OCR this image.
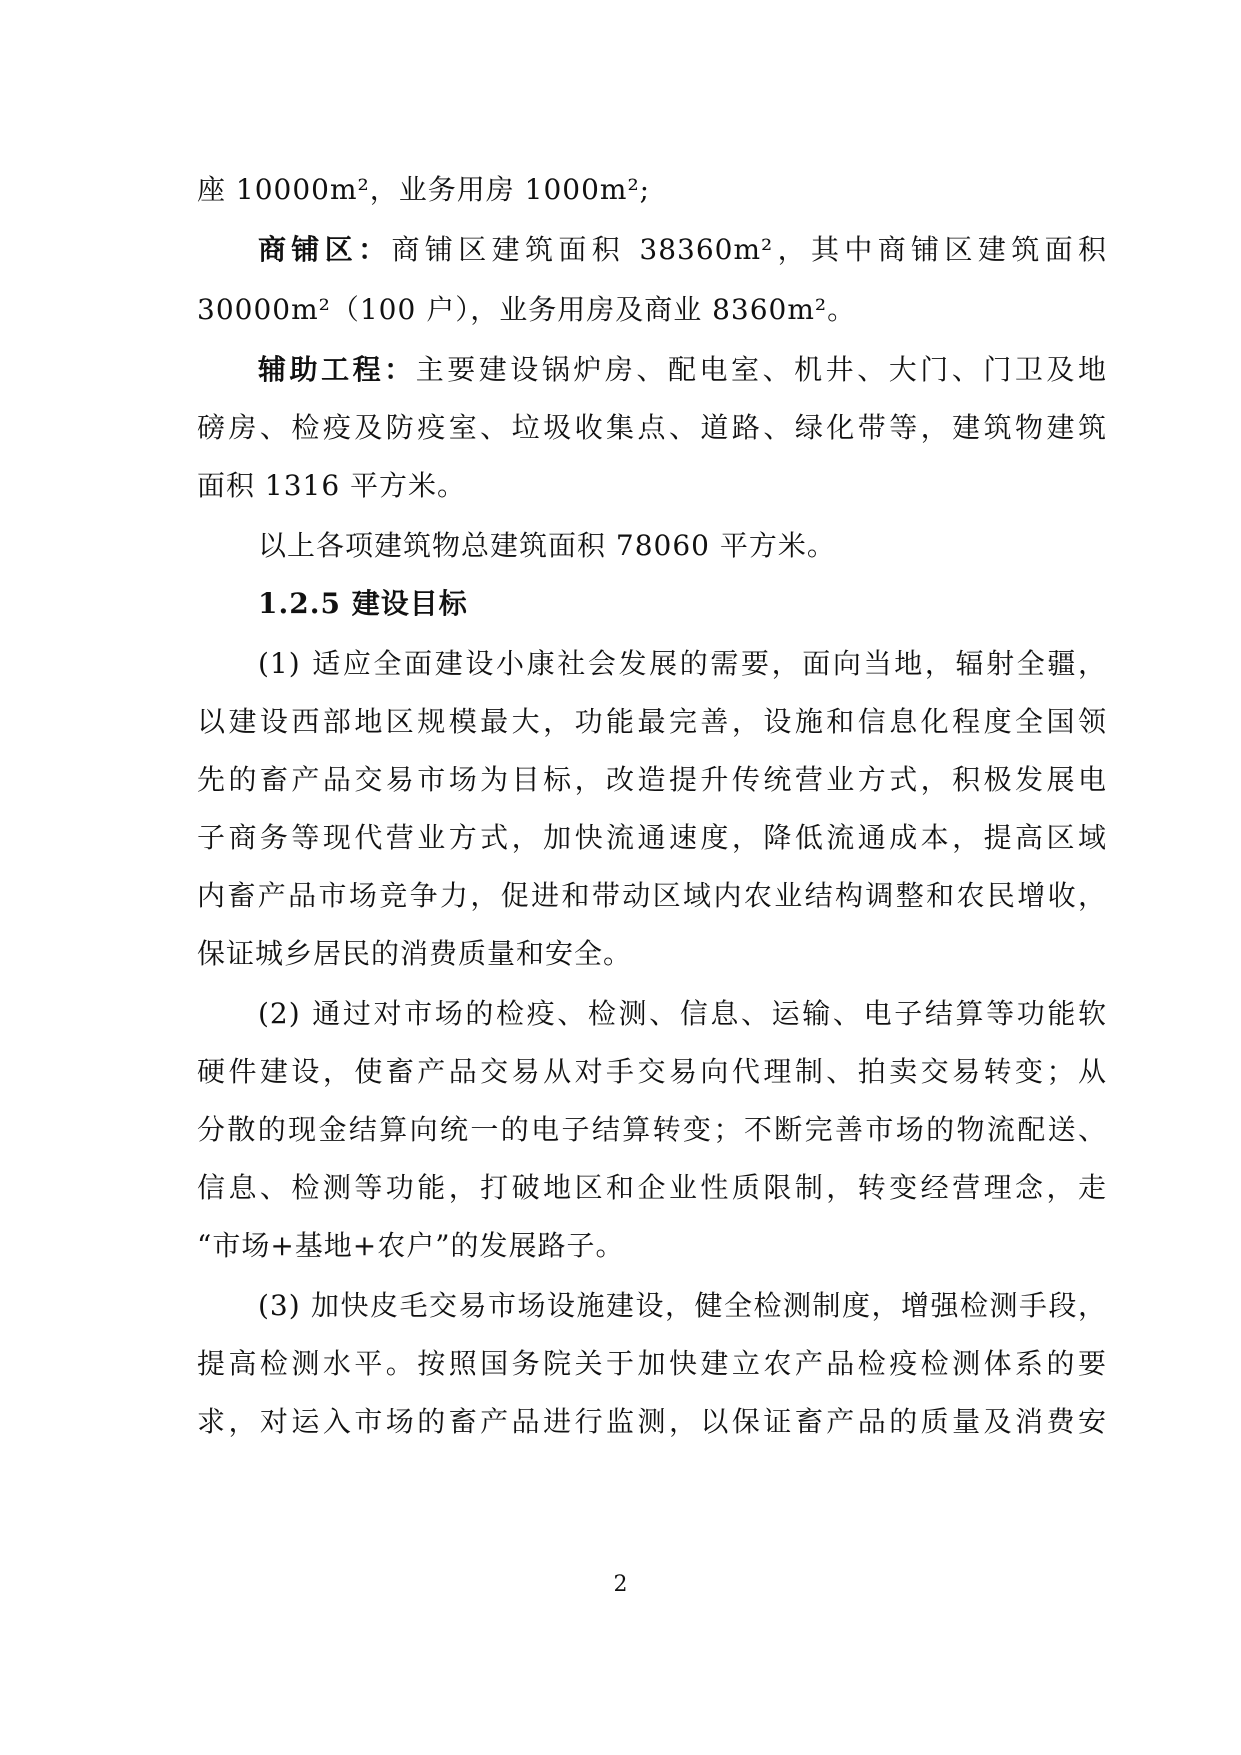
座 10000m²，业务用房 1000m²;
商铺区：商铺区建筑面积 38360m²，其中商铺区建筑面积
30000m²（100 户），业务用房及商业 8360m²。
辅助工程：主要建设锅炉房、配电室、机井、大门、门卫及地
磅房、检疫及防疫室、垃圾收集点、道路、绿化带等，建筑物建筑
面积 1316 平方米。
以上各项建筑物总建筑面积 78060 平方米。
1.2.5 建设目标
(1) 适应全面建设小康社会发展的需要，面向当地，辐射全疆，
以建设西部地区规模最大，功能最完善，设施和信息化程度全国领
先的畜产品交易市场为目标，改造提升传统营业方式，积极发展电
子商务等现代营业方式，加快流通速度，降低流通成本，提高区域
内畜产品市场竞争力，促进和带动区域内农业结构调整和农民增收，
保证城乡居民的消费质量和安全。
(2) 通过对市场的检疫、检测、信息、运输、电子结算等功能软
硬件建设，使畜产品交易从对手交易向代理制、拍卖交易转变；从
分散的现金结算向统一的电子结算转变；不断完善市场的物流配送、
信息、检测等功能，打破地区和企业性质限制，转变经营理念，走
“市场+基地+农户”的发展路子。
(3) 加快皮毛交易市场设施建设，健全检测制度，增强检测手段，
提高检测水平。按照国务院关于加快建立农产品检疫检测体系的要
求，对运入市场的畜产品进行监测，以保证畜产品的质量及消费安
2
